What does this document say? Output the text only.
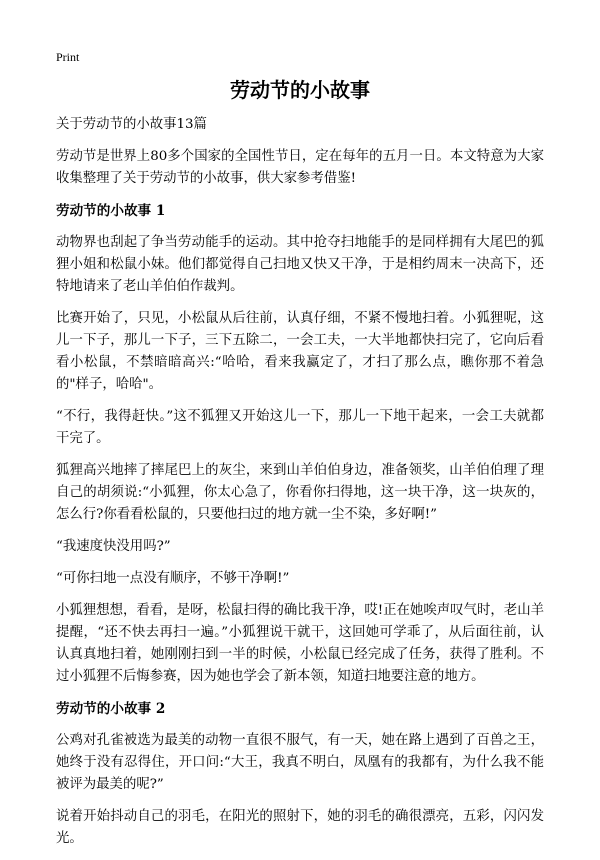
Print
劳动节的小故事
关于劳动节的小故事13篇

劳动节是世界上80多个国家的全国性节日，定在每年的五月一日。本文特意为大家收集整理了关于劳动节的小故事，供大家参考借鉴!

劳动节的小故事 1

动物界也刮起了争当劳动能手的运动。其中抢夺扫地能手的是同样拥有大尾巴的狐狸小姐和松鼠小妹。他们都觉得自己扫地又快又干净，于是相约周末一决高下，还特地请来了老山羊伯伯作裁判。

比赛开始了，只见，小松鼠从后往前，认真仔细，不紧不慢地扫着。小狐狸呢，这儿一下子，那儿一下子，三下五除二，一会工夫，一大半地都快扫完了，它向后看看小松鼠，不禁暗暗高兴:“哈哈，看来我赢定了，才扫了那么点，瞧你那不着急的"样子，哈哈"。

“不行，我得赶快。”这不狐狸又开始这儿一下，那儿一下地干起来，一会工夫就都干完了。

狐狸高兴地摔了摔尾巴上的灰尘，来到山羊伯伯身边，准备领奖，山羊伯伯理了理自己的胡须说:“小狐狸，你太心急了，你看你扫得地，这一块干净，这一块灰的，怎么行?你看看松鼠的，只要他扫过的地方就一尘不染，多好啊!”

“我速度快没用吗?”

“可你扫地一点没有顺序，不够干净啊!”

小狐狸想想，看看，是呀，松鼠扫得的确比我干净，哎!正在她唉声叹气时，老山羊提醒，“还不快去再扫一遍。”小狐狸说干就干，这回她可学乖了，从后面往前，认认真真地扫着，她刚刚扫到一半的时候，小松鼠已经完成了任务，获得了胜利。不过小狐狸不后悔参赛，因为她也学会了新本领，知道扫地要注意的地方。

劳动节的小故事 2

公鸡对孔雀被选为最美的动物一直很不服气，有一天，她在路上遇到了百兽之王，她终于没有忍得住，开口问:“大王，我真不明白，凤凰有的我都有，为什么我不能被评为最美的呢?”

说着开始抖动自己的羽毛，在阳光的照射下，她的羽毛的确很漂亮，五彩，闪闪发光。
